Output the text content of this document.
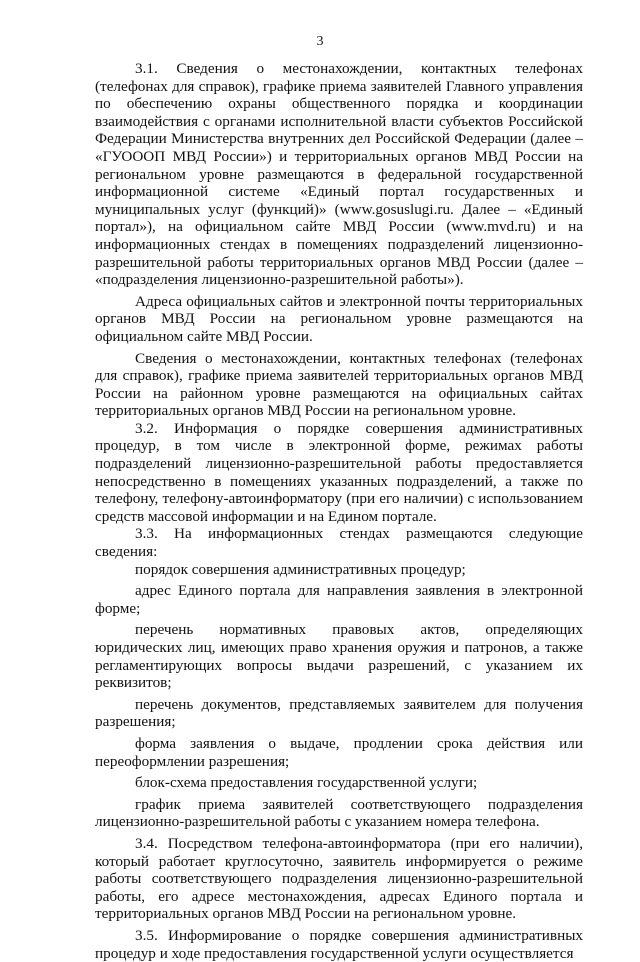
3

3.1. Сведения о местонахождении, контактных телефонах (телефонах для справок), графике приема заявителей Главного управления по обеспечению охраны общественного порядка и координации взаимодействия с органами исполнительной власти субъектов Российской Федерации Министерства внутренних дел Российской Федерации (далее – «ГУОООП МВД России») и территориальных органов МВД России на региональном уровне размещаются в федеральной государственной информационной системе «Единый портал государственных и муниципальных услуг (функций)» (www.gosuslugi.ru. Далее – «Единый портал»), на официальном сайте МВД России (www.mvd.ru) и на информационных стендах в помещениях подразделений лицензионно-разрешительной работы территориальных органов МВД России (далее – «подразделения лицензионно-разрешительной работы»).

Адреса официальных сайтов и электронной почты территориальных органов МВД России на региональном уровне размещаются на официальном сайте МВД России.

Сведения о местонахождении, контактных телефонах (телефонах для справок), графике приема заявителей территориальных органов МВД России на районном уровне размещаются на официальных сайтах территориальных органов МВД России на региональном уровне.

3.2. Информация о порядке совершения административных процедур, в том числе в электронной форме, режимах работы подразделений лицензионно-разрешительной работы предоставляется непосредственно в помещениях указанных подразделений, а также по телефону, телефону-автоинформатору (при его наличии) с использованием средств массовой информации и на Едином портале.

3.3. На информационных стендах размещаются следующие сведения:

порядок совершения административных процедур;

адрес Единого портала для направления заявления в электронной форме;

перечень нормативных правовых актов, определяющих юридических лиц, имеющих право хранения оружия и патронов, а также регламентирующих вопросы выдачи разрешений, с указанием их реквизитов;

перечень документов, представляемых заявителем для получения разрешения;

форма заявления о выдаче, продлении срока действия или переоформлении разрешения;

блок-схема предоставления государственной услуги;

график приема заявителей соответствующего подразделения лицензионно-разрешительной работы с указанием номера телефона.

3.4. Посредством телефона-автоинформатора (при его наличии), который работает круглосуточно, заявитель информируется о режиме работы соответствующего подразделения лицензионно-разрешительной работы, его адресе местонахождения, адресах Единого портала и территориальных органов МВД России на региональном уровне.

3.5. Информирование о порядке совершения административных процедур и ходе предоставления государственной услуги осуществляется
